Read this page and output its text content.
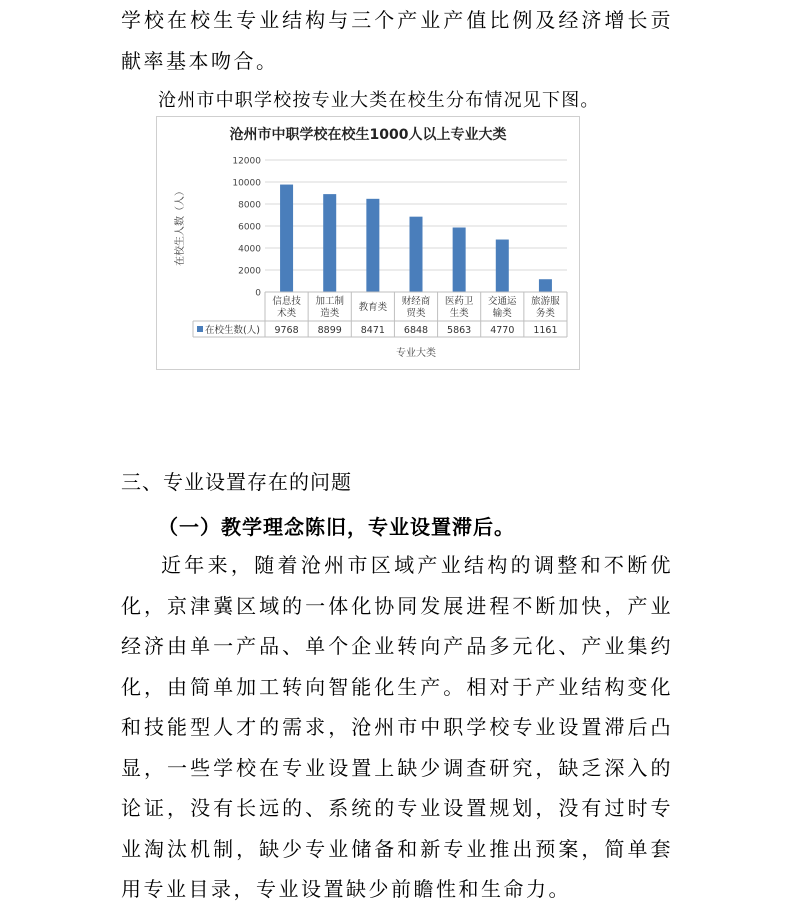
学校在校生专业结构与三个产业产值比例及经济增长贡献率基本吻合。

沧州市中职学校按专业大类在校生分布情况见下图。

沧州市中职学校在校生1000人以上专业大类
0
2000
4000
6000
8000
10000
12000
在校生人数（人）
信息技
术类
加工制
造类
教育类
财经商
贸类
医药卫
生类
交通运
输类
旅游服
务类
在校生数(人) 9768 8899 8471 6848 5863 4770 1161
专业大类

三、专业设置存在的问题

（一）教学理念陈旧，专业设置滞后。

近年来，随着沧州市区域产业结构的调整和不断优化，京津冀区域的一体化协同发展进程不断加快，产业经济由单一产品、单个企业转向产品多元化、产业集约化，由简单加工转向智能化生产。相对于产业结构变化和技能型人才的需求，沧州市中职学校专业设置滞后凸显，一些学校在专业设置上缺少调查研究，缺乏深入的论证，没有长远的、系统的专业设置规划，没有过时专业淘汰机制，缺少专业储备和新专业推出预案，简单套用专业目录，专业设置缺少前瞻性和生命力。
